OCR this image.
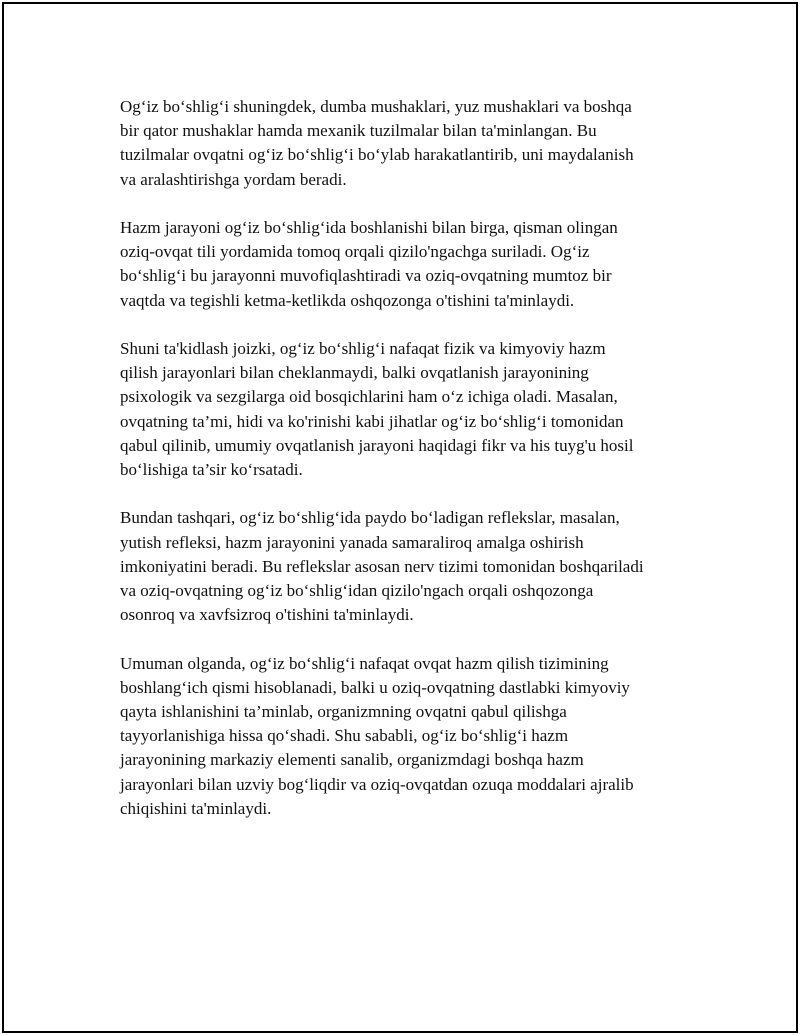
Og‘iz bo‘shlig‘i shuningdek, dumba mushaklari, yuz mushaklari va boshqa
bir qator mushaklar hamda mexanik tuzilmalar bilan ta'minlangan. Bu
tuzilmalar ovqatni og‘iz bo‘shlig‘i bo‘ylab harakatlantirib, uni maydalanish
va aralashtirishga yordam beradi.

Hazm jarayoni og‘iz bo‘shlig‘ida boshlanishi bilan birga, qisman olingan
oziq-ovqat tili yordamida tomoq orqali qizilo'ngachga suriladi. Og‘iz
bo‘shlig‘i bu jarayonni muvofiqlashtiradi va oziq-ovqatning mumtoz bir
vaqtda va tegishli ketma-ketlikda oshqozonga o'tishini ta'minlaydi.

Shuni ta'kidlash joizki, og‘iz bo‘shlig‘i nafaqat fizik va kimyoviy hazm
qilish jarayonlari bilan cheklanmaydi, balki ovqatlanish jarayonining
psixologik va sezgilarga oid bosqichlarini ham o‘z ichiga oladi. Masalan,
ovqatning ta’mi, hidi va ko'rinishi kabi jihatlar og‘iz bo‘shlig‘i tomonidan
qabul qilinib, umumiy ovqatlanish jarayoni haqidagi fikr va his tuyg'u hosil
bo‘lishiga ta’sir ko‘rsatadi.

Bundan tashqari, og‘iz bo‘shlig‘ida paydo bo‘ladigan reflekslar, masalan,
yutish refleksi, hazm jarayonini yanada samaraliroq amalga oshirish
imkoniyatini beradi. Bu reflekslar asosan nerv tizimi tomonidan boshqariladi
va oziq-ovqatning og‘iz bo‘shlig‘idan qizilo'ngach orqali oshqozonga
osonroq va xavfsizroq o'tishini ta'minlaydi.

Umuman olganda, og‘iz bo‘shlig‘i nafaqat ovqat hazm qilish tizimining
boshlang‘ich qismi hisoblanadi, balki u oziq-ovqatning dastlabki kimyoviy
qayta ishlanishini ta’minlab, organizmning ovqatni qabul qilishga
tayyorlanishiga hissa qo‘shadi. Shu sababli, og‘iz bo‘shlig‘i hazm
jarayonining markaziy elementi sanalib, organizmdagi boshqa hazm
jarayonlari bilan uzviy bog‘liqdir va oziq-ovqatdan ozuqa moddalari ajralib
chiqishini ta'minlaydi.
